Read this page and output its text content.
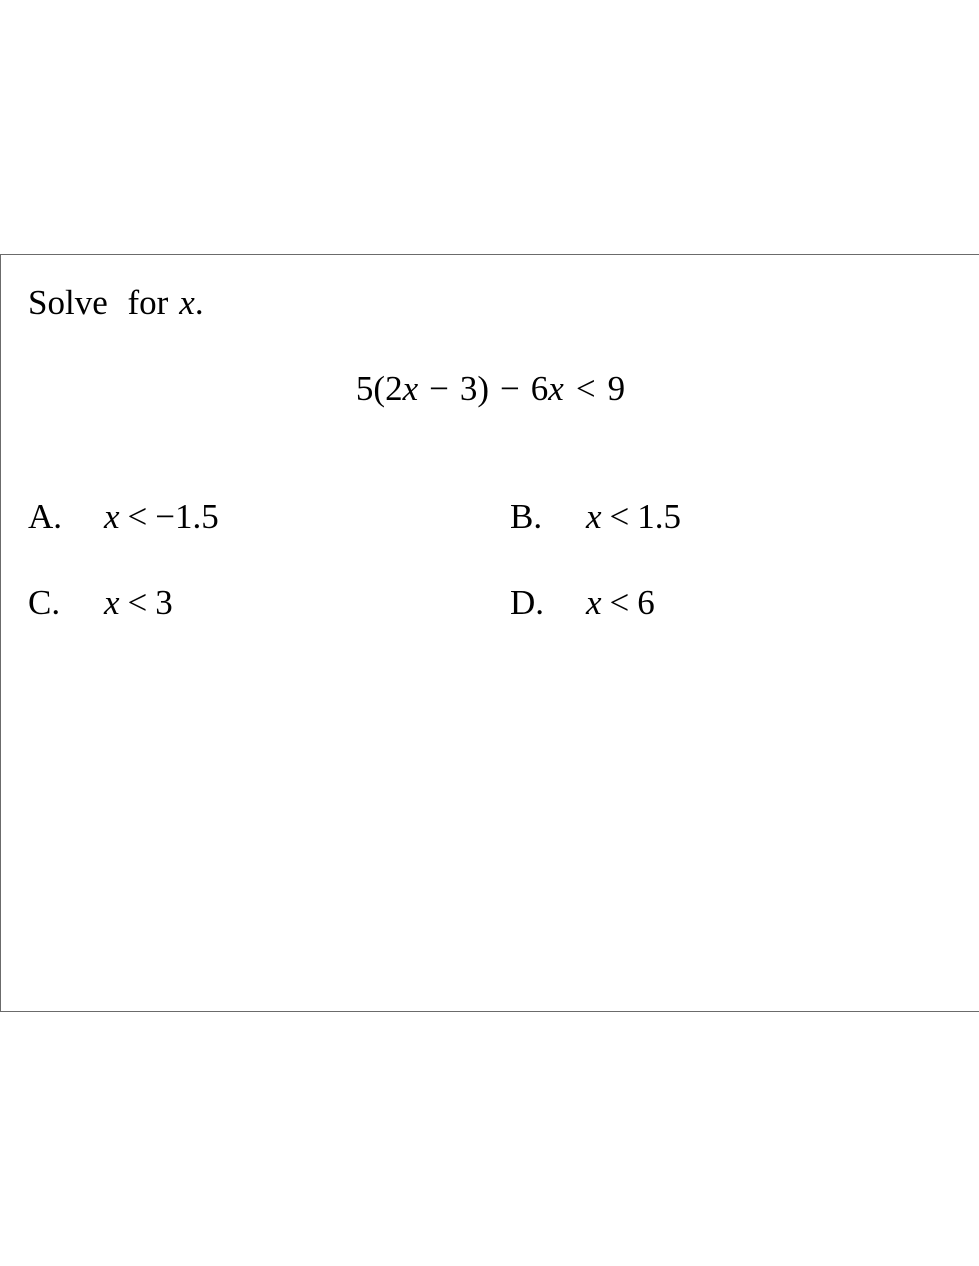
Solve for x.
5(2x − 3) − 6x < 9
A. x < −1.5	B. x < 1.5
C. x < 3	D. x < 6
